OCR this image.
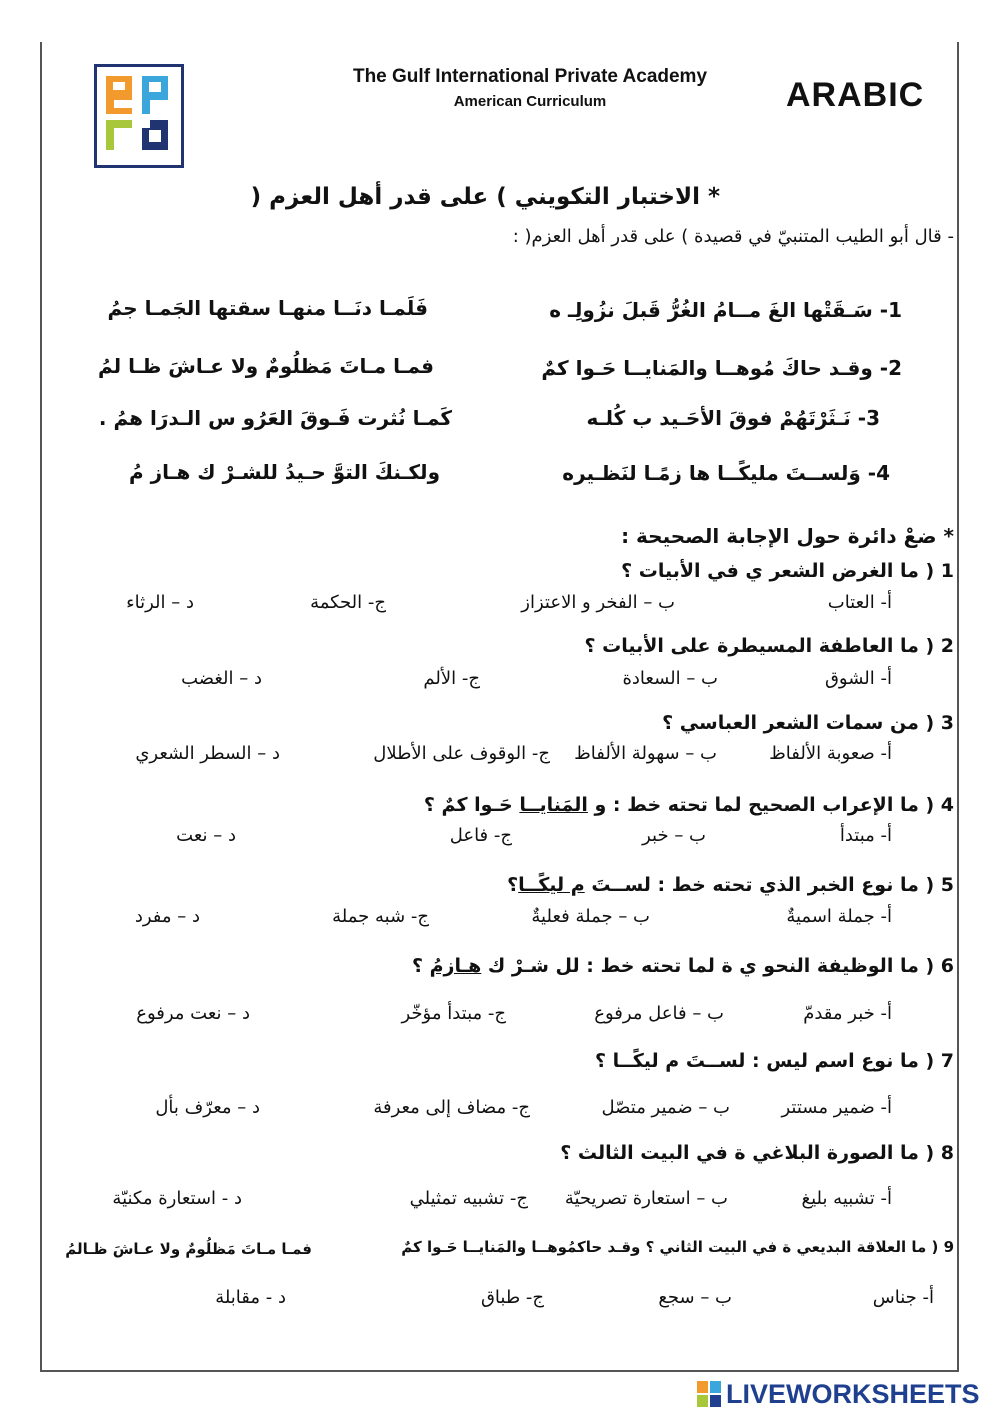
gipa
The Gulf International Private Academy
American Curriculum	ARABIC
* الاختبار التكويني ) على قدر أهل العزم (
- قال أبو الطيب المتنبيّ في قصيدة ) على قدر أهل العزم( :
1- سَـقَتْها الغَ مــامُ الغُرُّ قَبلَ نزُولِـ ه
فَلَمـا دنَــا منهـا سقتها الجَمـا جمُ
2- وقـد حاكَ مُوهــا والمَنايــا حَـوا كمٌ
فمـا مـاتَ مَظلُومٌ ولا عـاشَ ظـا لمُ
3- نَـثَرْتَهُمْ فوقَ الأحَـيد ب كُلـه
كَمـا نُثرت فَـوقَ العَرُو س الـدرَا همُ .
4- وَلســتَ مليكًــا ها زمًـا لنَظـيره
ولكـنكَ التوَّ حـيدُ للشـرْ ك هـاز مُ
* ضعْ دائرة حول الإجابة الصحيحة :
1 ( ما الغرض الشعر ي في الأبيات ؟
أ- العتاب
ب – الفخر و الاعتزاز
ج- الحكمة
د – الرثاء
2 ( ما العاطفة المسيطرة على الأبيات ؟
أ- الشوق
ب – السعادة
ج- الألم
د – الغضب
3 ( من سمات الشعر العباسي ؟
أ- صعوبة الألفاظ
ب – سهولة الألفاظ
ج- الوقوف على الأطلال
د – السطر الشعري
4 ( ما الإعراب الصحيح لما تحته خط : و المَنايــا حَـوا كمٌ ؟
أ- مبتدأ
ب – خبر
ج- فاعل
د – نعت
5 ( ما نوع الخبر الذي تحته خط : لســتَ م ليكًــا؟
أ- جملة اسميةٌ
ب – جملة فعليةٌ
ج- شبه جملة
د – مفرد
6 ( ما الوظيفة النحو ي ة لما تحته خط : لل شـرْ ك هـازمُ ؟
أ- خبر مقدمّ
ب – فاعل مرفوع
ج- مبتدأ مؤخّر
د – نعت مرفوع
7 ( ما نوع اسم ليس : لســتَ م ليكًــا ؟
أ- ضمير مستتر
ب – ضمير متصّل
ج- مضاف إلى معرفة
د – معرّف بأل
8 ( ما الصورة البلاغي ة في البيت الثالث ؟
أ- تشبيه بليغ
ب – استعارة تصريحيّة
ج- تشبيه تمثيلي
د - استعارة مكنيّة
9 ( ما العلاقة البديعي ة في البيت الثاني ؟ وقـد حاكمُوهــا والمَنايــا حَـوا كمٌ
فمـا مـاتَ مَظلُومٌ ولا عـاشَ ظـالمُ
أ- جناس
ب – سجع
ج- طباق
د - مقابلة
LIVEWORKSHEETS
